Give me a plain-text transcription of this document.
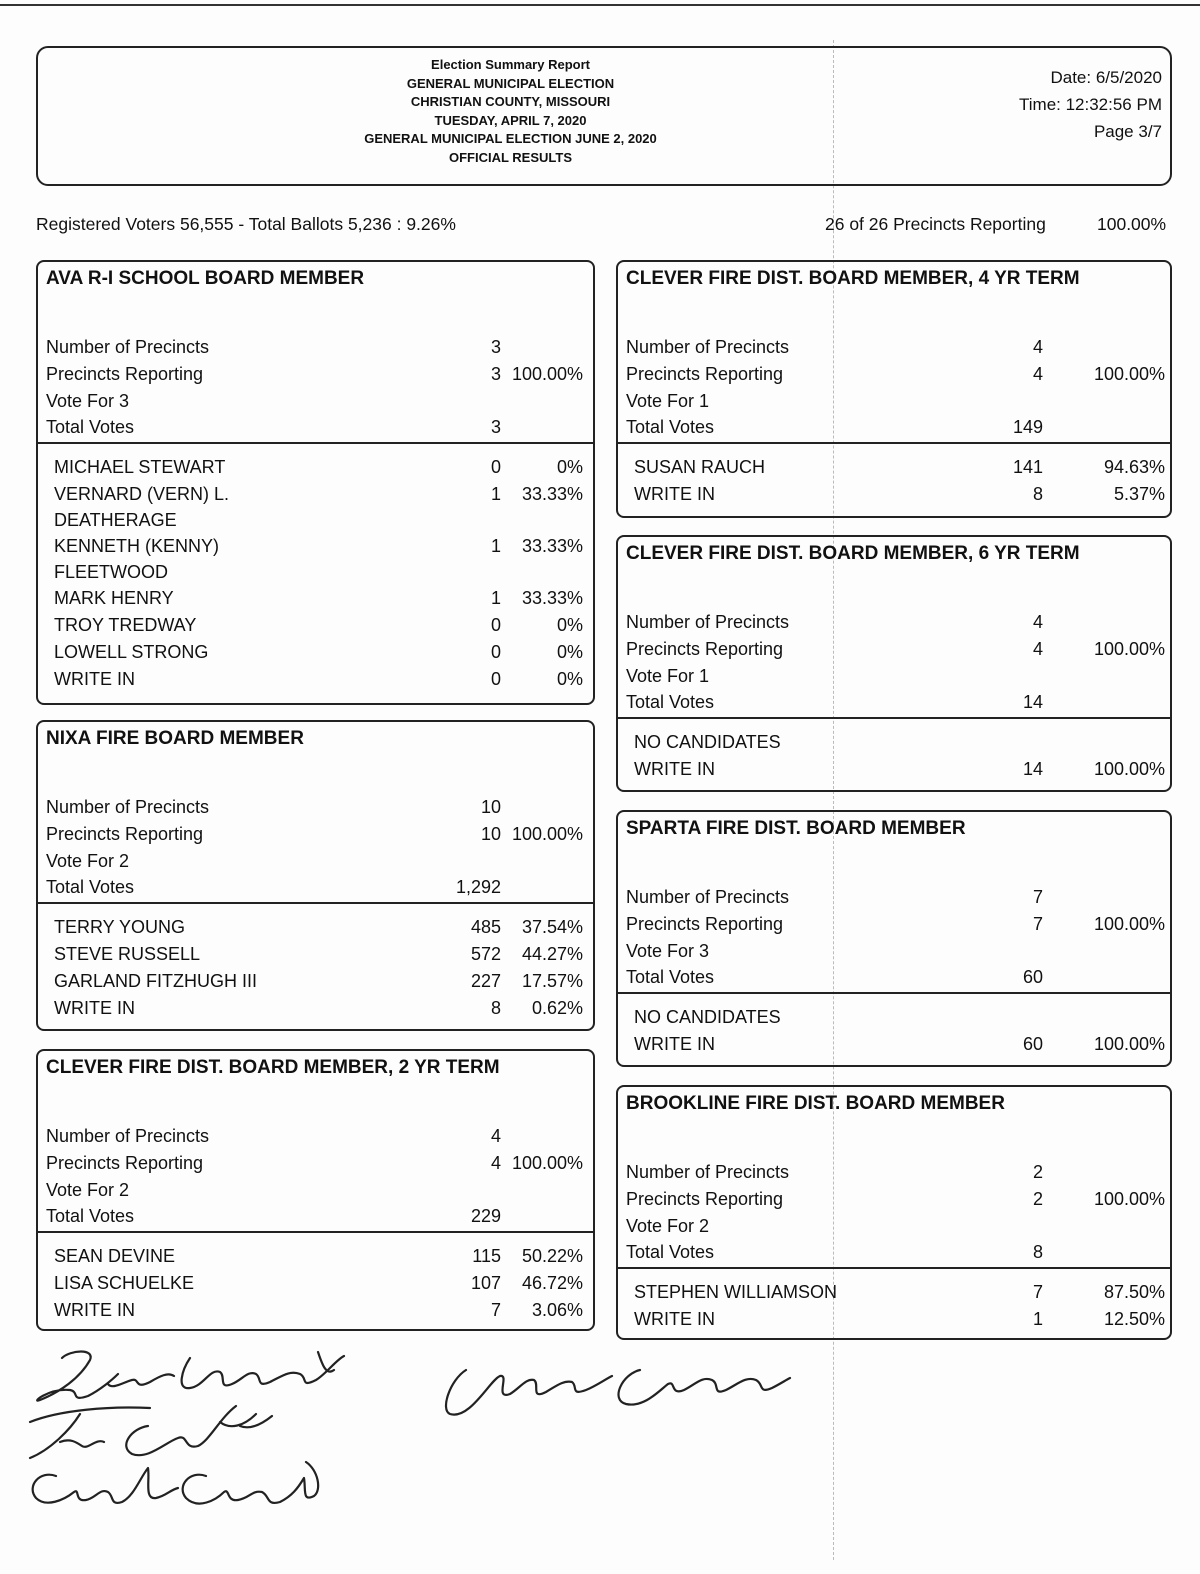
Election Summary Report
GENERAL MUNICIPAL ELECTION
CHRISTIAN COUNTY, MISSOURI
TUESDAY, APRIL 7, 2020
GENERAL MUNICIPAL ELECTION JUNE 2, 2020
OFFICIAL RESULTS
Date: 6/5/2020
Time: 12:32:56 PM
Page 3/7
Registered Voters 56,555 - Total Ballots 5,236 : 9.26%	26 of 26 Precincts Reporting	100.00%
AVA R-I SCHOOL BOARD MEMBER
Number of Precincts	3
Precincts Reporting	3 100.00%
Vote For 3
Total Votes	3
MICHAEL STEWART	0	0%
VERNARD (VERN) L.	1	33.33%
DEATHERAGE
KENNETH (KENNY)	1	33.33%
FLEETWOOD
MARK HENRY	1	33.33%
TROY TREDWAY	0	0%
LOWELL STRONG	0	0%
WRITE IN	0	0%
NIXA FIRE BOARD MEMBER
Number of Precincts	10
Precincts Reporting	10 100.00%
Vote For 2
Total Votes	1,292
TERRY YOUNG	485	37.54%
STEVE RUSSELL	572	44.27%
GARLAND FITZHUGH III	227	17.57%
WRITE IN	8	0.62%
CLEVER FIRE DIST. BOARD MEMBER, 2 YR TERM
Number of Precincts	4
Precincts Reporting	4 100.00%
Vote For 2
Total Votes	229
SEAN DEVINE	115	50.22%
LISA SCHUELKE	107	46.72%
WRITE IN	7	3.06%
CLEVER FIRE DIST. BOARD MEMBER, 4 YR TERM
Number of Precincts	4
Precincts Reporting	4	100.00%
Vote For 1
Total Votes	149
SUSAN RAUCH	141	94.63%
WRITE IN	8	5.37%
CLEVER FIRE DIST. BOARD MEMBER, 6 YR TERM
Number of Precincts	4
Precincts Reporting	4	100.00%
Vote For 1
Total Votes	14
NO CANDIDATES
WRITE IN	14	100.00%
SPARTA FIRE DIST. BOARD MEMBER
Number of Precincts	7
Precincts Reporting	7	100.00%
Vote For 3
Total Votes	60
NO CANDIDATES
WRITE IN	60	100.00%
BROOKLINE FIRE DIST. BOARD MEMBER
Number of Precincts	2
Precincts Reporting	2	100.00%
Vote For 2
Total Votes	8
STEPHEN WILLIAMSON	7	87.50%
WRITE IN	1	12.50%
